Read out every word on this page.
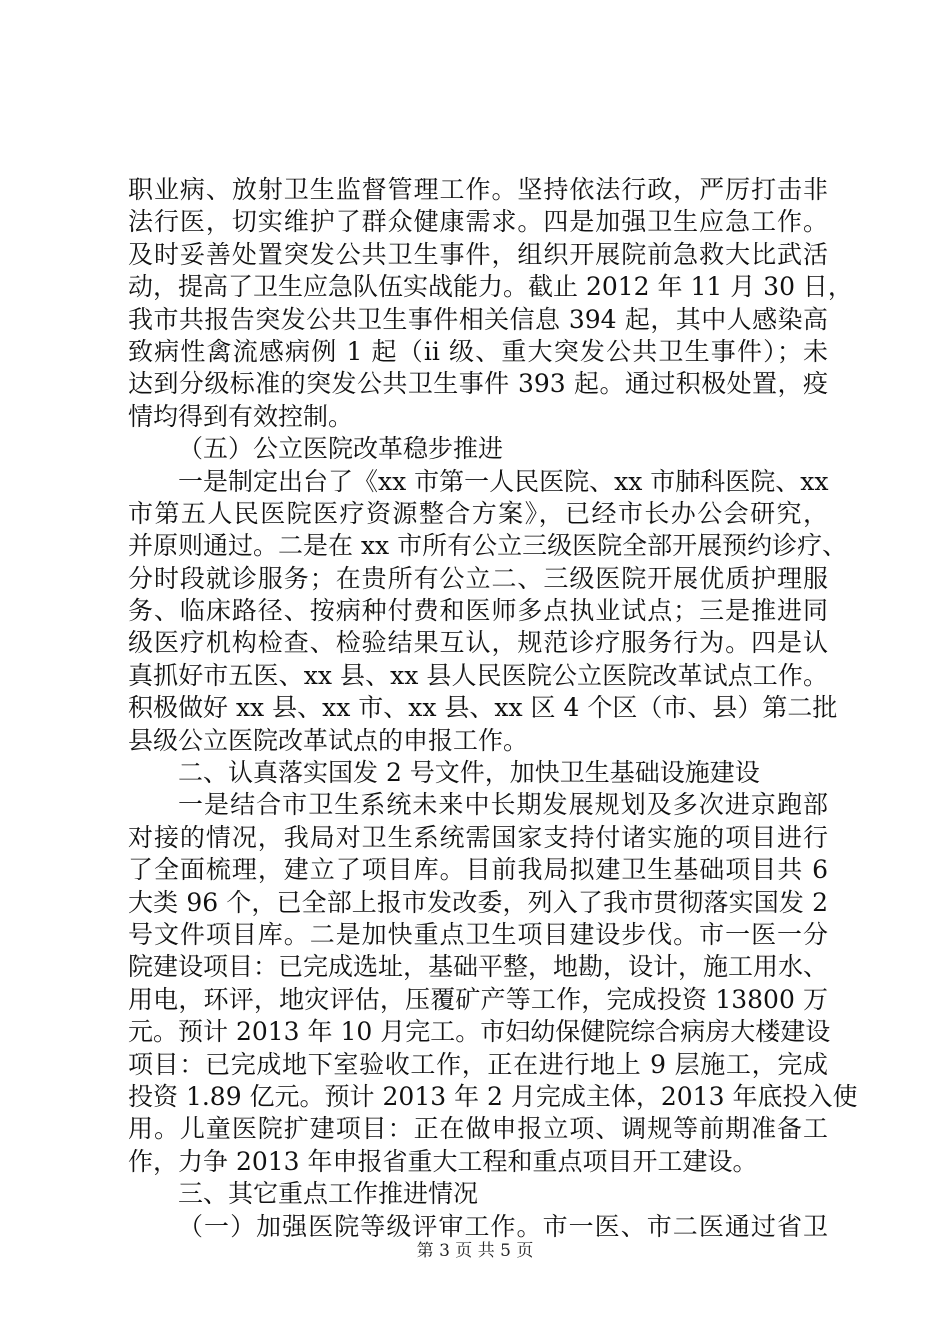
职业病、放射卫生监督管理工作。坚持依法行政，严厉打击非
法行医，切实维护了群众健康需求。四是加强卫生应急工作。
及时妥善处置突发公共卫生事件，组织开展院前急救大比武活
动，提高了卫生应急队伍实战能力。截止 2012 年 11 月 30 日，
我市共报告突发公共卫生事件相关信息 394 起，其中人感染高
致病性禽流感病例 1 起（ii 级、重大突发公共卫生事件）；未
达到分级标准的突发公共卫生事件 393 起。通过积极处置，疫
情均得到有效控制。
（五）公立医院改革稳步推进
一是制定出台了《xx 市第一人民医院、xx 市肺科医院、xx
市第五人民医院医疗资源整合方案》，已经市长办公会研究，
并原则通过。二是在 xx 市所有公立三级医院全部开展预约诊疗、
分时段就诊服务；在贵所有公立二、三级医院开展优质护理服
务、临床路径、按病种付费和医师多点执业试点；三是推进同
级医疗机构检查、检验结果互认，规范诊疗服务行为。四是认
真抓好市五医、xx 县、xx 县人民医院公立医院改革试点工作。
积极做好 xx 县、xx 市、xx 县、xx 区 4 个区（市、县）第二批
县级公立医院改革试点的申报工作。
二、认真落实国发 2 号文件，加快卫生基础设施建设
一是结合市卫生系统未来中长期发展规划及多次进京跑部
对接的情况，我局对卫生系统需国家支持付诸实施的项目进行
了全面梳理，建立了项目库。目前我局拟建卫生基础项目共 6
大类 96 个，已全部上报市发改委，列入了我市贯彻落实国发 2
号文件项目库。二是加快重点卫生项目建设步伐。市一医一分
院建设项目：已完成选址，基础平整，地勘，设计，施工用水、
用电，环评，地灾评估，压覆矿产等工作，完成投资 13800 万
元。预计 2013 年 10 月完工。市妇幼保健院综合病房大楼建设
项目：已完成地下室验收工作，正在进行地上 9 层施工，完成
投资 1.89 亿元。预计 2013 年 2 月完成主体，2013 年底投入使
用。儿童医院扩建项目：正在做申报立项、调规等前期准备工
作，力争 2013 年申报省重大工程和重点项目开工建设。
三、其它重点工作推进情况
（一）加强医院等级评审工作。市一医、市二医通过省卫
第 3 页 共 5 页
